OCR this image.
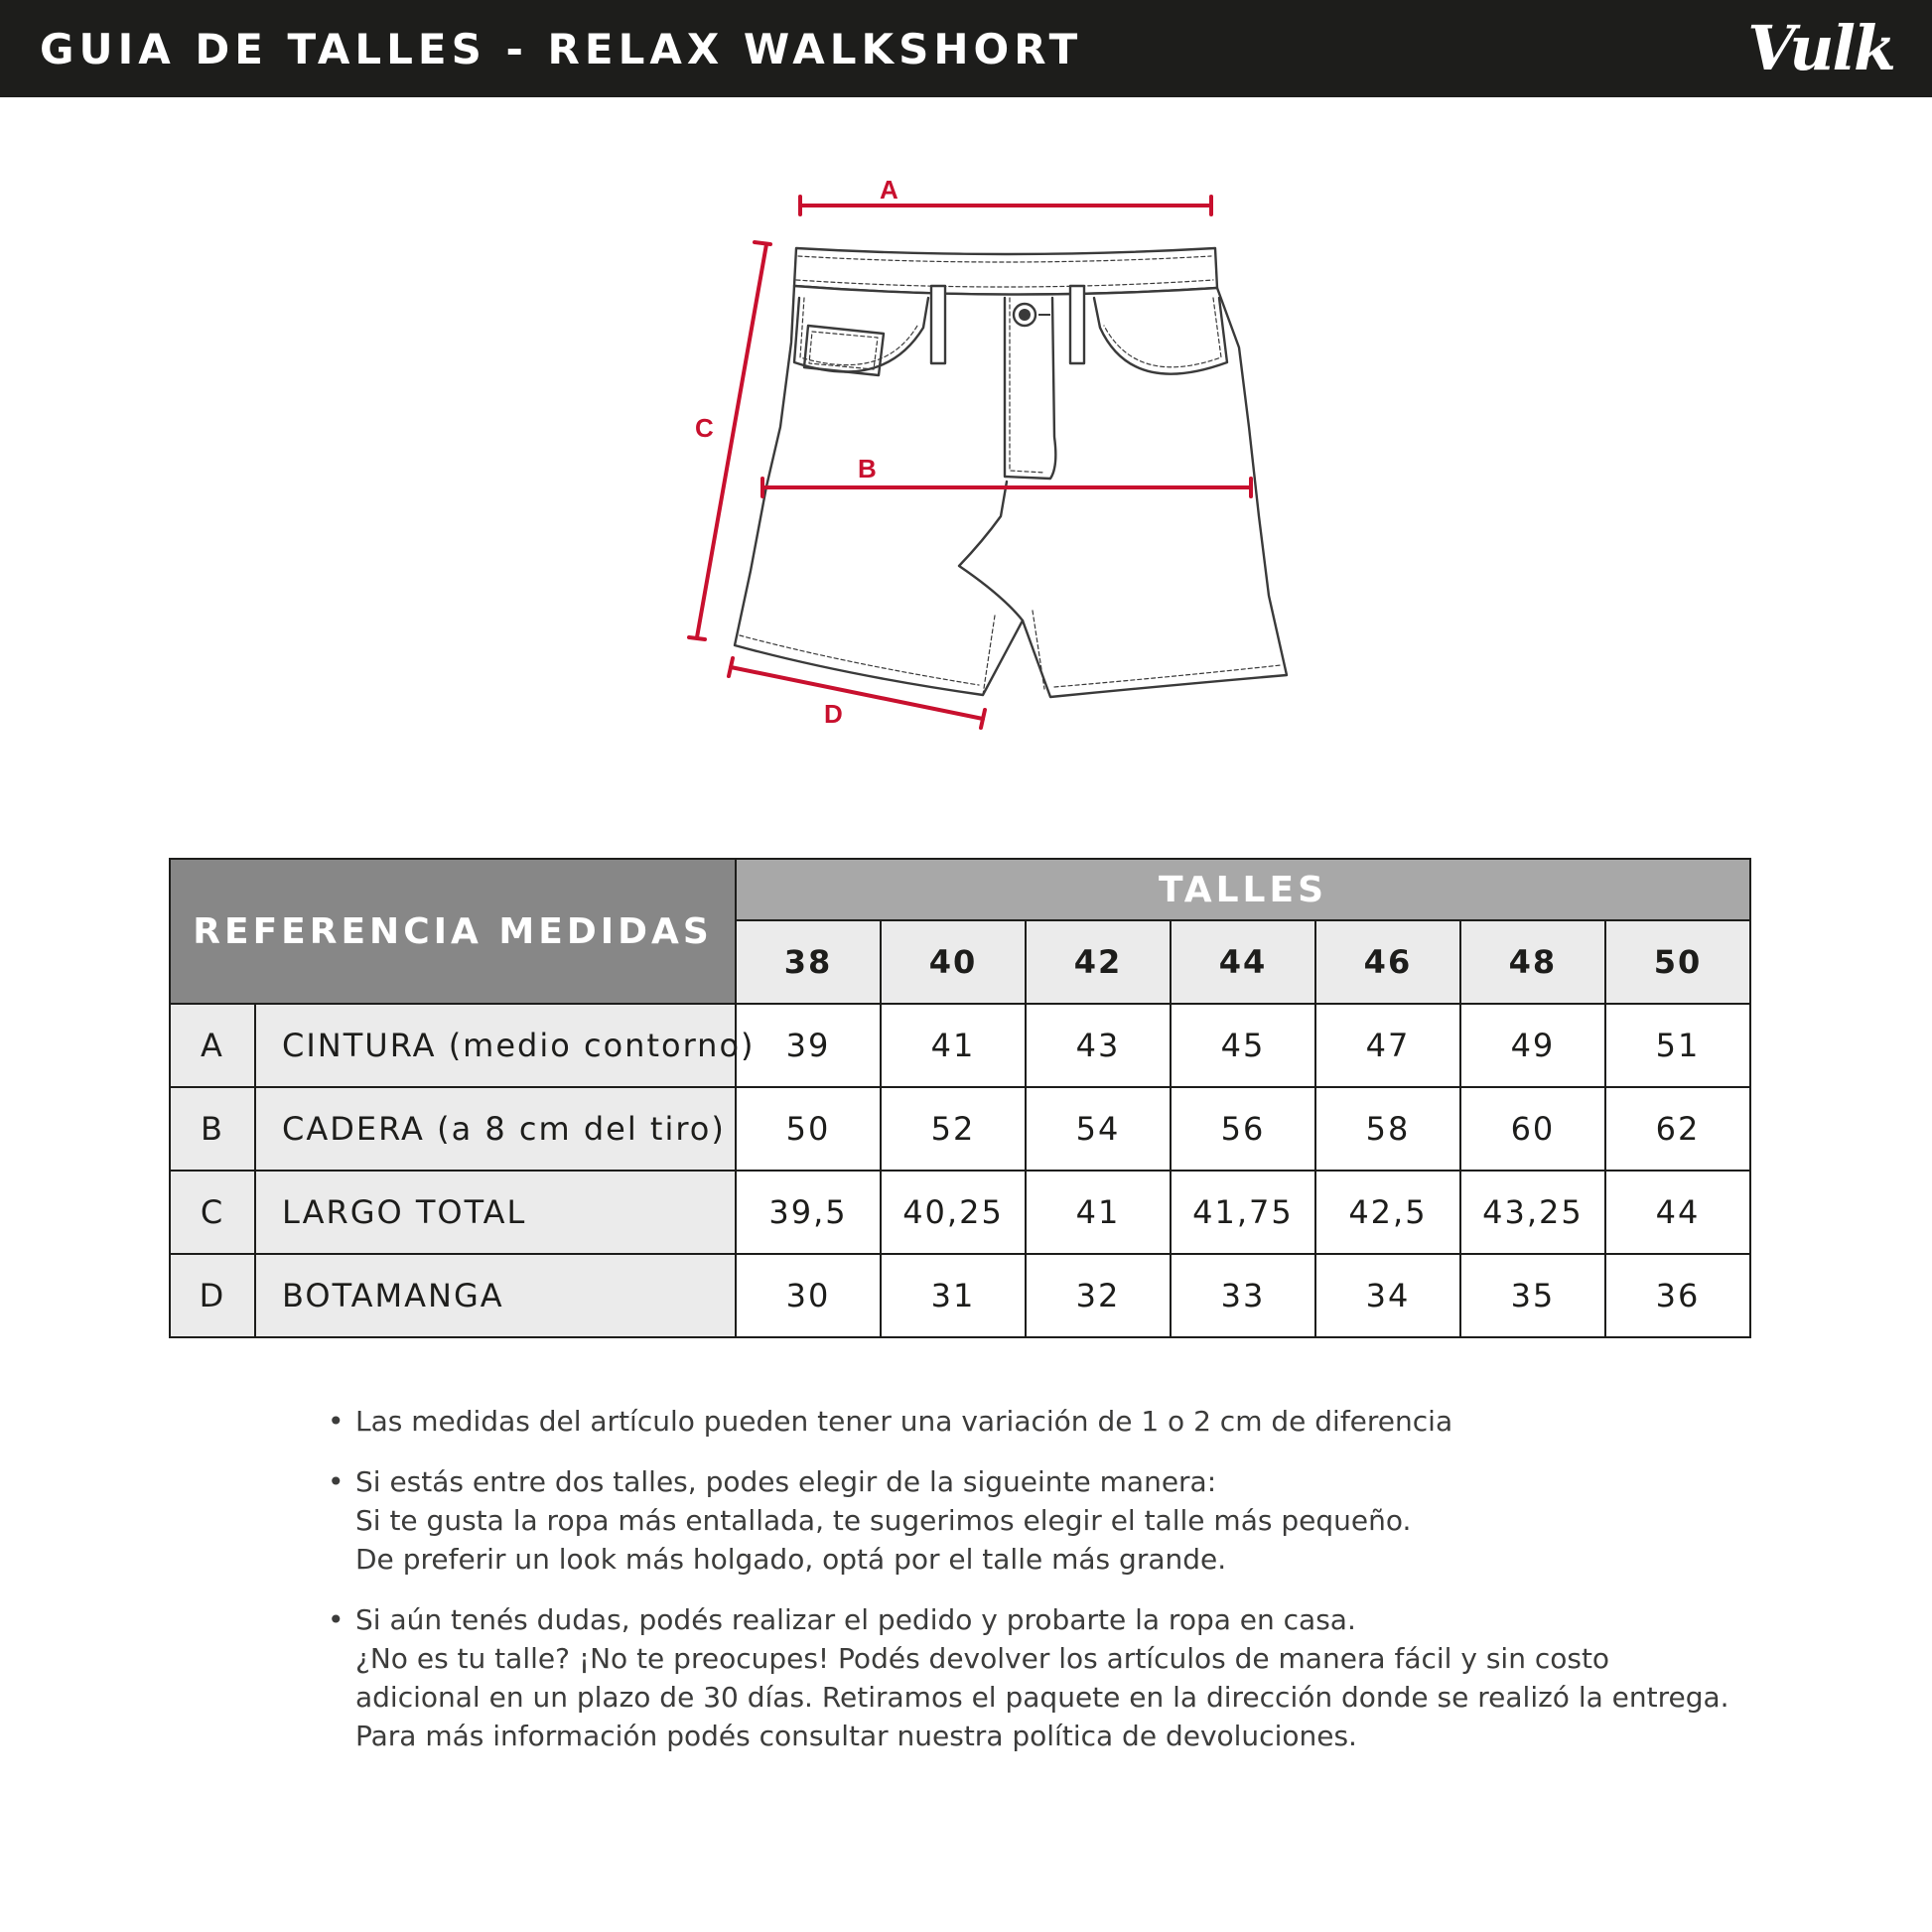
GUIA DE TALLES - RELAX WALKSHORT	Vulk
A
B
C
D
REFERENCIA MEDIDAS		TALLES						
		38	40	42	44	46	48	50
A	CINTURA (medio contorno)	39	41	43	45	47	49	51
B	CADERA (a 8 cm del tiro)	50	52	54	56	58	60	62
C	LARGO TOTAL	39,5	40,25	41	41,75	42,5	43,25	44
D	BOTAMANGA	30	31	32	33	34	35	36
• Las medidas del artículo pueden tener una variación de 1 o 2 cm de diferencia
• Si estás entre dos talles, podes elegir de la sigueinte manera:
Si te gusta la ropa más entallada, te sugerimos elegir el talle más pequeño.
De preferir un look más holgado, optá por el talle más grande.
• Si aún tenés dudas, podés realizar el pedido y probarte la ropa en casa.
¿No es tu talle? ¡No te preocupes! Podés devolver los artículos de manera fácil y sin costo
adicional en un plazo de 30 días. Retiramos el paquete en la dirección donde se realizó la entrega.
Para más información podés consultar nuestra política de devoluciones.
